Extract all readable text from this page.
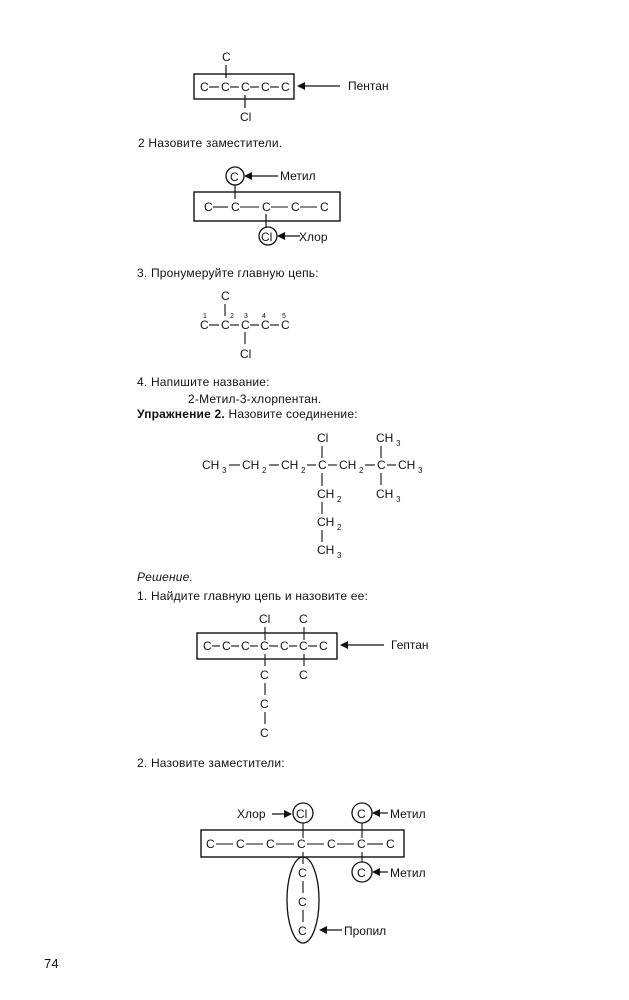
C
C C C C C
Cl
Пентан
C	Метил
C C C C C
Cl Хлор
C
1	2 3 4 5
C C C C C
Cl
Cl	CH 3
CH 3 CH 2 CH 2 C CH 2 C CH 3
CH 3
CH 2
CH 2
CH 3
Cl C
C C C C C C C
C
C
C
C
Гептан
Хлор	Cl	C Метил
C C C C C C C
C Метил
C
C
C	Пропил
2 Назовите заместители.
3. Пронумеруйте главную цепь:
4. Напишите название:
2-Метил-3-хлорпентан.
Упражнение 2. Назовите соединение:
Решение.
1. Найдите главную цепь и назовите ее:
2. Назовите заместители:
74
